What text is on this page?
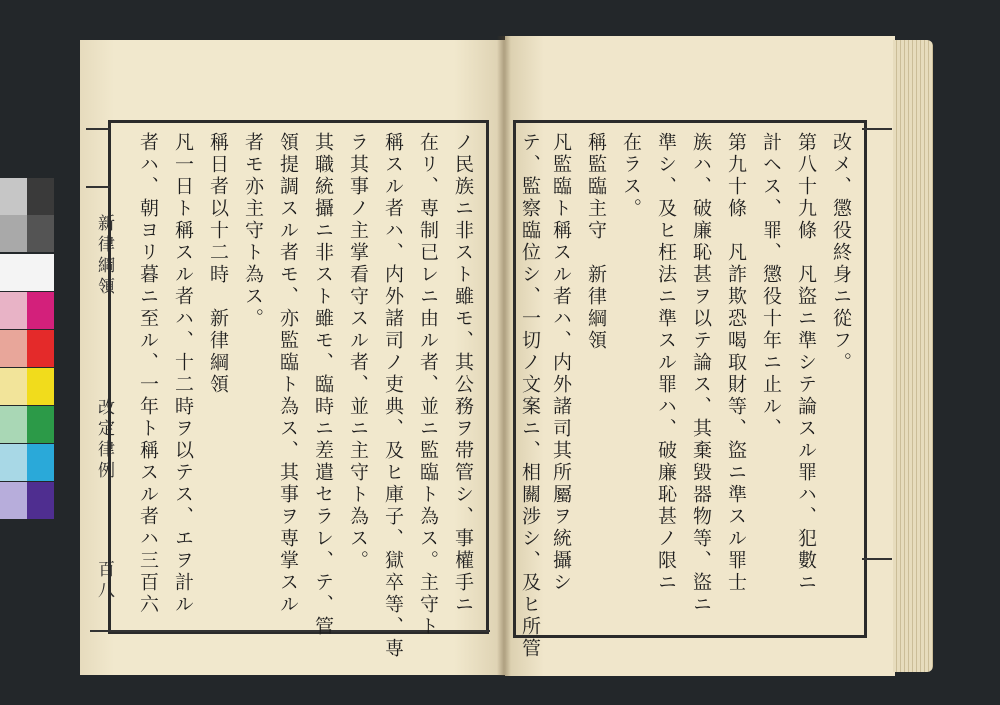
新律綱領
改定律例
百八	ノ民族ニ非スト雖モ、其公務ヲ帯管シ、事權手ニ
在リ、専制已レニ由ル者、並ニ監臨ト為ス。主守ト
稱スル者ハ、内外諸司ノ吏典、及ヒ庫子、獄卒等、専
ラ其事ノ主掌看守スル者、並ニ主守ト為ス。
其職統攝ニ非スト雖モ、臨時ニ差遣セラレ、テ、管
領提調スル者モ、亦監臨ト為ス、其事ヲ専掌スル
者モ亦主守ト為ス。
稱日者以十二時　新律綱領
凡一日ト稱スル者ハ、十二時ヲ以テス、エヲ計ル
者ハ、朝ヨリ暮ニ至ル、一年ト稱スル者ハ三百六	改メ、懲役終身ニ從フ。
第八十九條　凡盜ニ準シテ論スル罪ハ、犯數ニ
計ヘス、罪、懲役十年ニ止ル、
第九十條　凡詐欺恐喝取財等、盜ニ準スル罪士
族ハ、破廉恥甚ヲ以テ論ス、其棄毀器物等、盜ニ
準シ、及ヒ枉法ニ準スル罪ハ、破廉恥甚ノ限ニ
在ラス。
稱監臨主守　新律綱領
凡監臨ト稱スル者ハ、内外諸司其所屬ヲ統攝シ
テ、監察臨位シ、一切ノ文案ニ、相關涉シ、及ヒ所管
